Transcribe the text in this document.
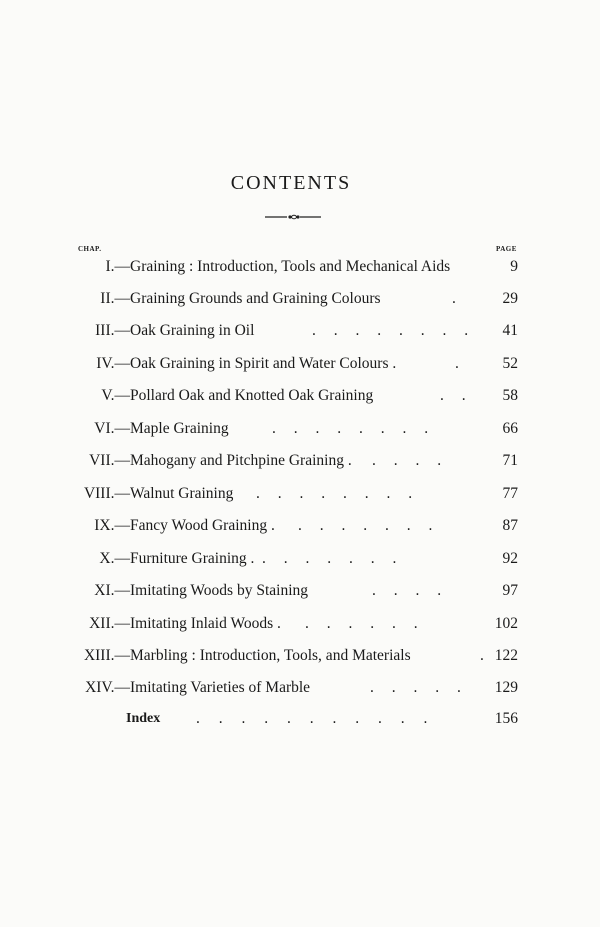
CONTENTS
CHAP.	PAGE
I.— Graining : Introduction, Tools and Mechanical Aids	9
II.— Graining Grounds and Graining Colours	.	29
III.— Oak Graining in Oil	. . . . . . . . 41
IV.— Oak Graining in Spirit and Water Colours .	.	52
V.— Pollard Oak and Knotted Oak Graining	. . 58
VI.— Maple Graining	. . . . . . . .	66
VII.— Mahogany and Pitchpine Graining . . . . .	71
VIII.— Walnut Graining . . . . . . . .	77
IX.— Fancy Wood Graining . . . . . . . .	87
X.— Furniture Graining . . . . . . . .	92
XI.— Imitating Woods by Staining	. . . .	97
XII.— Imitating Inlaid Woods . . . . . . .	102
XIII.— Marbling : Introduction, Tools, and Materials	. 122
XIV.— Imitating Varieties of Marble	. . . . . 129
Index . . . . . . . . . . .	156
